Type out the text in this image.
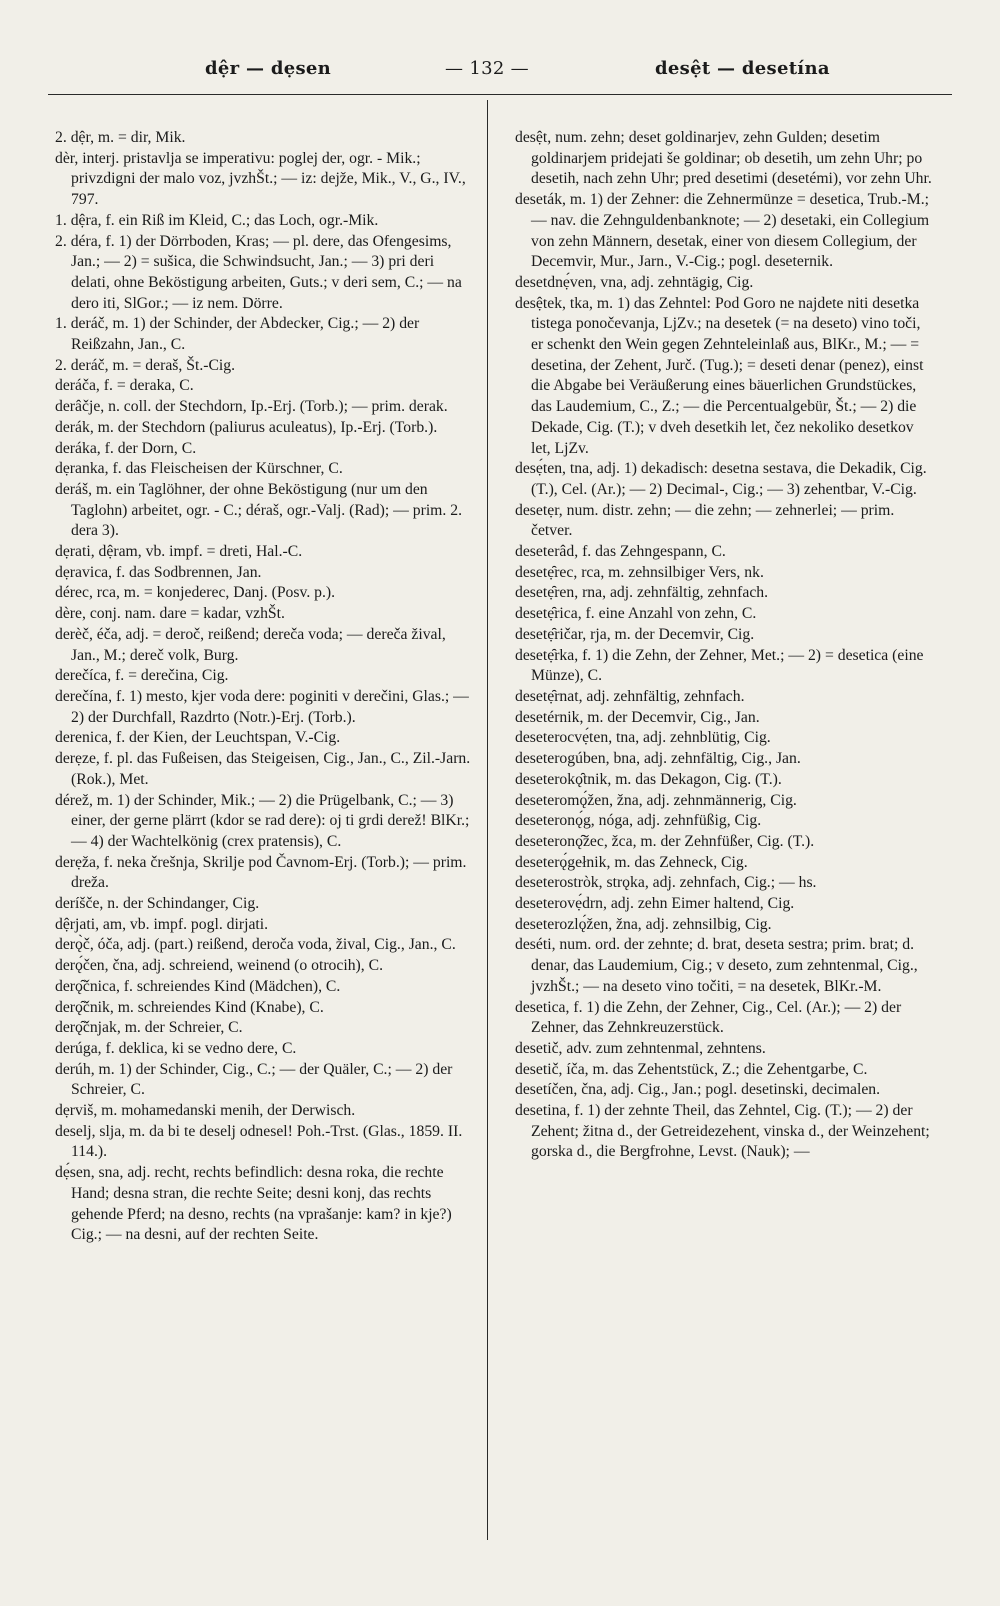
dệr — dẹsen	— 132 —	desệt — desetína

2. dệr, m. = dir, Mik.

dèr, interj. pristavlja se imperativu: poglej der, ogr. - Mik.; privzdigni der malo voz, jvzhŠt.; — iz: dejže, Mik., V., G., IV., 797.

1. dệra, f. ein Riß im Kleid, C.; das Loch, ogr.-Mik.

2. déra, f. 1) der Dörrboden, Kras; — pl. dere, das Ofengesims, Jan.; — 2) = sušica, die Schwindsucht, Jan.; — 3) pri deri delati, ohne Beköstigung arbeiten, Guts.; v deri sem, C.; — na dero iti, SlGor.; — iz nem. Dörre.

1. deráč, m. 1) der Schinder, der Abdecker, Cig.; — 2) der Reißzahn, Jan., C.

2. deráč, m. = deraš, Št.-Cig.

deráča, f. = deraka, C.

derâčje, n. coll. der Stechdorn, Ip.-Erj. (Torb.); — prim. derak.

derák, m. der Stechdorn (paliurus aculeatus), Ip.-Erj. (Torb.).

deráka, f. der Dorn, C.

dẹranka, f. das Fleischeisen der Kürschner, C.

deráš, m. ein Taglöhner, der ohne Beköstigung (nur um den Taglohn) arbeitet, ogr. - C.; déraš, ogr.-Valj. (Rad); — prim. 2. dera 3).

dẹrati, dệram, vb. impf. = dreti, Hal.-C.

dẹravica, f. das Sodbrennen, Jan.

dérec, rca, m. = konjederec, Danj. (Posv. p.).

dère, conj. nam. dare = kadar, vzhŠt.

derèč, éča, adj. = deroč, reißend; dereča voda; — dereča žival, Jan., M.; dereč volk, Burg.

derečíca, f. = derečina, Cig.

derečína, f. 1) mesto, kjer voda dere: poginiti v derečini, Glas.; — 2) der Durchfall, Razdrto (Notr.)-Erj. (Torb.).

derenica, f. der Kien, der Leuchtspan, V.-Cig.

derẹze, f. pl. das Fußeisen, das Steigeisen, Cig., Jan., C., Zil.-Jarn. (Rok.), Met.

dérež, m. 1) der Schinder, Mik.; — 2) die Prügelbank, C.; — 3) einer, der gerne plärrt (kdor se rad dere): oj ti grdi derež! BlKr.; — 4) der Wachtelkönig (crex pratensis), C.

derẹža, f. neka črešnja, Skrilje pod Čavnom-Erj. (Torb.); — prim. dreža.

deríšče, n. der Schindanger, Cig.

dệrjati, am, vb. impf. pogl. dirjati.

derǫ̀č, óča, adj. (part.) reißend, deroča voda, žival, Cig., Jan., C.

derǫ́čen, čna, adj. schreiend, weinend (o otrocih), C.

derǫ̑čnica, f. schreiendes Kind (Mädchen), C.

derǫ̑čnik, m. schreiendes Kind (Knabe), C.

derǫ̑čnjak, m. der Schreier, C.

derúga, f. deklica, ki se vedno dere, C.

derúh, m. 1) der Schinder, Cig., C.; — der Quäler, C.; — 2) der Schreier, C.

dẹrviš, m. mohamedanski menih, der Derwisch.

deselj, slja, m. da bi te deselj odnesel! Poh.-Trst. (Glas., 1859. II. 114.).

dẹ́sen, sna, adj. recht, rechts befindlich: desna roka, die rechte Hand; desna stran, die rechte Seite; desni konj, das rechts gehende Pferd; na desno, rechts (na vprašanje: kam? in kje?) Cig.; — na desni, auf der rechten Seite.

desệt, num. zehn; deset goldinarjev, zehn Gulden; desetim goldinarjem pridejati še goldinar; ob desetih, um zehn Uhr; po desetih, nach zehn Uhr; pred desetimi (desetémi), vor zehn Uhr.

deseták, m. 1) der Zehner: die Zehnermünze = desetica, Trub.-M.; — nav. die Zehnguldenbanknote; — 2) desetaki, ein Collegium von zehn Männern, desetak, einer von diesem Collegium, der Decemvir, Mur., Jarn., V.-Cig.; pogl. deseternik.

desetdnẹ́ven, vna, adj. zehntägig, Cig.

desệtek, tka, m. 1) das Zehntel: Pod Goro ne najdete niti desetka tistega ponočevanja, LjZv.; na desetek (= na deseto) vino toči, er schenkt den Wein gegen Zehnteleinlaß aus, BlKr., M.; — = desetina, der Zehent, Jurč. (Tug.); = deseti denar (penez), einst die Abgabe bei Veräußerung eines bäuerlichen Grundstückes, das Laudemium, C., Z.; — die Percentualgebür, Št.; — 2) die Dekade, Cig. (T.); v dveh desetkih let, čez nekoliko desetkov let, LjZv.

desẹ́ten, tna, adj. 1) dekadisch: desetna sestava, die Dekadik, Cig. (T.), Cel. (Ar.); — 2) Decimal-, Cig.; — 3) zehentbar, V.-Cig.

desetẹr, num. distr. zehn; — die zehn; — zehnerlei; — prim. četver.

deseterâd, f. das Zehngespann, C.

desetẹ̑rec, rca, m. zehnsilbiger Vers, nk.

desetẹ̑ren, rna, adj. zehnfältig, zehnfach.

desetẹ̑rica, f. eine Anzahl von zehn, C.

desetẹ̑ričar, rja, m. der Decemvir, Cig.

desetẹ̑rka, f. 1) die Zehn, der Zehner, Met.; — 2) = desetica (eine Münze), C.

desetẹ̑rnat, adj. zehnfältig, zehnfach.

desetérnik, m. der Decemvir, Cig., Jan.

deseterocvẹ́ten, tna, adj. zehnblütig, Cig.

deseterogúben, bna, adj. zehnfältig, Cig., Jan.

deseterokǫ̑tnik, m. das Dekagon, Cig. (T.).

deseteromǫ́žen, žna, adj. zehnmännerig, Cig.

deseteronǫ́g, nóga, adj. zehnfüßig, Cig.

deseteronǫ̑žec, žca, m. der Zehnfüßer, Cig. (T.).

deseterǫ́gełnik, m. das Zehneck, Cig.

deseterostròk, strǫka, adj. zehnfach, Cig.; — hs.

deseterovẹ́drn, adj. zehn Eimer haltend, Cig.

deseterozlǫ́žen, žna, adj. zehnsilbig, Cig.

deséti, num. ord. der zehnte; d. brat, deseta sestra; prim. brat; d. denar, das Laudemium, Cig.; v deseto, zum zehntenmal, Cig., jvzhŠt.; — na deseto vino točiti, = na desetek, BlKr.-M.

desetica, f. 1) die Zehn, der Zehner, Cig., Cel. (Ar.); — 2) der Zehner, das Zehnkreuzerstück.

desetič, adv. zum zehntenmal, zehntens.

desetič, íča, m. das Zehentstück, Z.; die Zehentgarbe, C.

desetíčen, čna, adj. Cig., Jan.; pogl. desetinski, decimalen.

desetina, f. 1) der zehnte Theil, das Zehntel, Cig. (T.); — 2) der Zehent; žitna d., der Getreidezehent, vinska d., der Weinzehent; gorska d., die Bergfrohne, Levst. (Nauk); —
